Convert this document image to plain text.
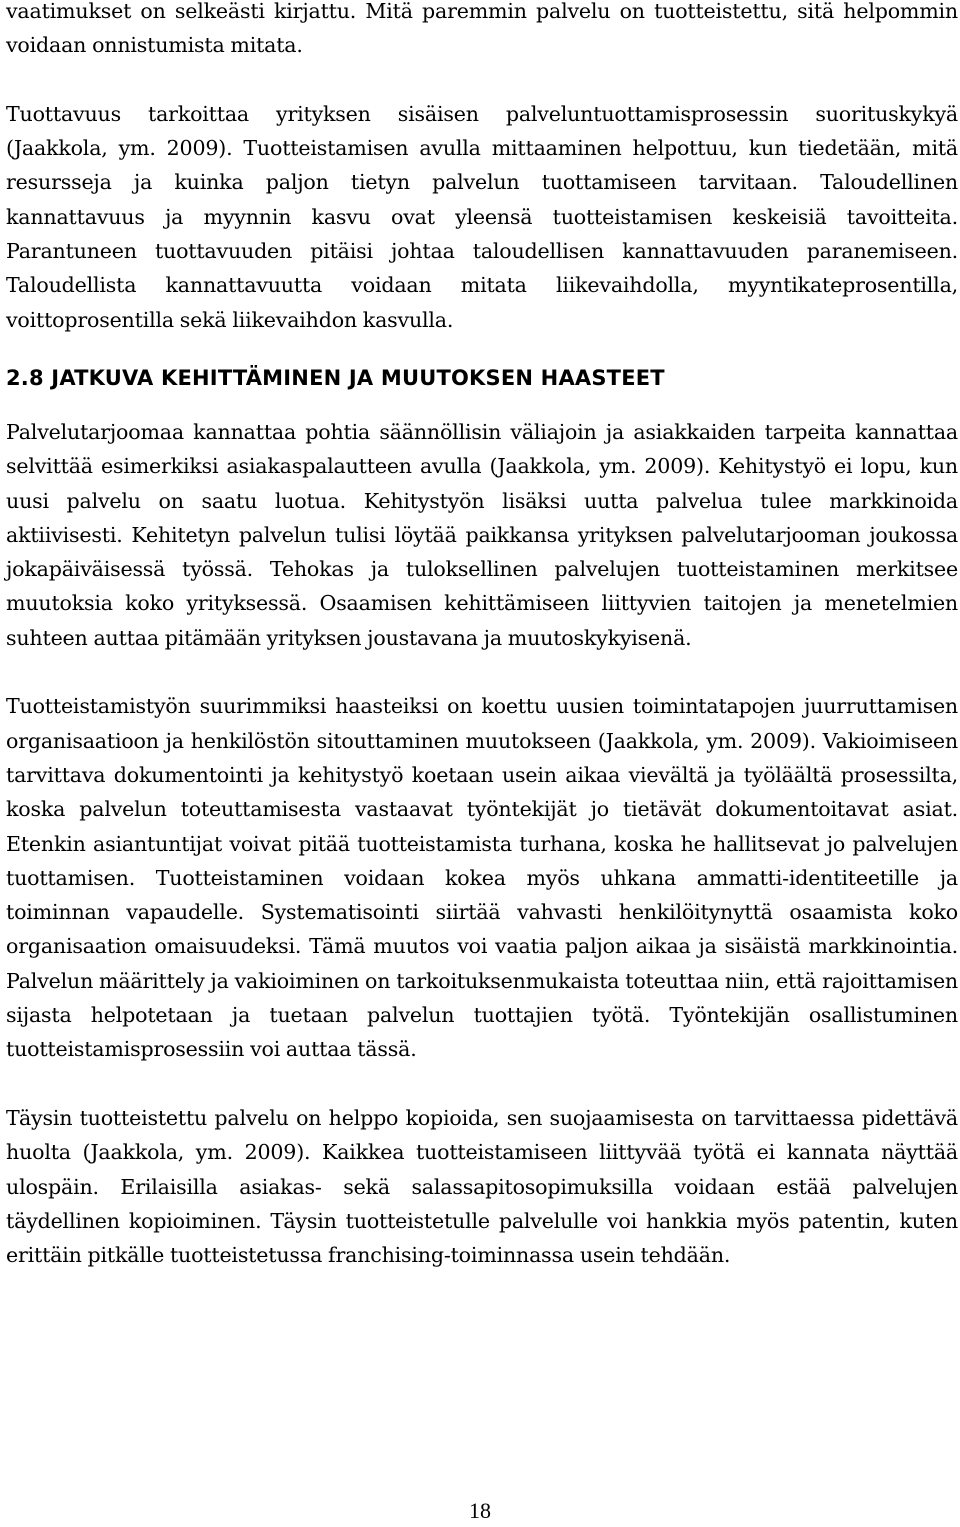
vaatimukset on selkeästi kirjattu. Mitä paremmin palvelu on tuotteistettu, sitä helpommin voidaan onnistumista mitata.

Tuottavuus tarkoittaa yrityksen sisäisen palveluntuottamisprosessin suorituskykyä (Jaakkola, ym. 2009). Tuotteistamisen avulla mittaaminen helpottuu, kun tiedetään, mitä resursseja ja kuinka paljon tietyn palvelun tuottamiseen tarvitaan. Taloudellinen kannattavuus ja myynnin kasvu ovat yleensä tuotteistamisen keskeisiä tavoitteita. Parantuneen tuottavuuden pitäisi johtaa taloudellisen kannattavuuden paranemiseen. Taloudellista kannattavuutta voidaan mitata liikevaihdolla, myyntikateprosentilla, voittoprosentilla sekä liikevaihdon kasvulla.

2.8 JATKUVA KEHITTÄMINEN JA MUUTOKSEN HAASTEET

Palvelutarjoomaa kannattaa pohtia säännöllisin väliajoin ja asiakkaiden tarpeita kannattaa selvittää esimerkiksi asiakaspalautteen avulla (Jaakkola, ym. 2009). Kehitystyö ei lopu, kun uusi palvelu on saatu luotua. Kehitystyön lisäksi uutta palvelua tulee markkinoida aktiivisesti. Kehitetyn palvelun tulisi löytää paikkansa yrityksen palvelutarjooman joukossa jokapäiväisessä työssä. Tehokas ja tuloksellinen palvelujen tuotteistaminen merkitsee muutoksia koko yrityksessä. Osaamisen kehittämiseen liittyvien taitojen ja menetelmien suhteen auttaa pitämään yrityksen joustavana ja muutoskykyisenä.

Tuotteistamistyön suurimmiksi haasteiksi on koettu uusien toimintatapojen juurruttamisen organisaatioon ja henkilöstön sitouttaminen muutokseen (Jaakkola, ym. 2009). Vakioimiseen tarvittava dokumentointi ja kehitystyö koetaan usein aikaa vievältä ja työläältä prosessilta, koska palvelun toteuttamisesta vastaavat työntekijät jo tietävät dokumentoitavat asiat. Etenkin asiantuntijat voivat pitää tuotteistamista turhana, koska he hallitsevat jo palvelujen tuottamisen. Tuotteistaminen voidaan kokea myös uhkana ammatti-identiteetille ja toiminnan vapaudelle. Systematisointi siirtää vahvasti henkilöitynyttä osaamista koko organisaation omaisuudeksi. Tämä muutos voi vaatia paljon aikaa ja sisäistä markkinointia. Palvelun määrittely ja vakioiminen on tarkoituksenmukaista toteuttaa niin, että rajoittamisen sijasta helpotetaan ja tuetaan palvelun tuottajien työtä. Työntekijän osallistuminen tuotteistamisprosessiin voi auttaa tässä.

Täysin tuotteistettu palvelu on helppo kopioida, sen suojaamisesta on tarvittaessa pidettävä huolta (Jaakkola, ym. 2009). Kaikkea tuotteistamiseen liittyvää työtä ei kannata näyttää ulospäin. Erilaisilla asiakas- sekä salassapitosopimuksilla voidaan estää palvelujen täydellinen kopioiminen. Täysin tuotteistetulle palvelulle voi hankkia myös patentin, kuten erittäin pitkälle tuotteistetussa franchising-toiminnassa usein tehdään.

18
